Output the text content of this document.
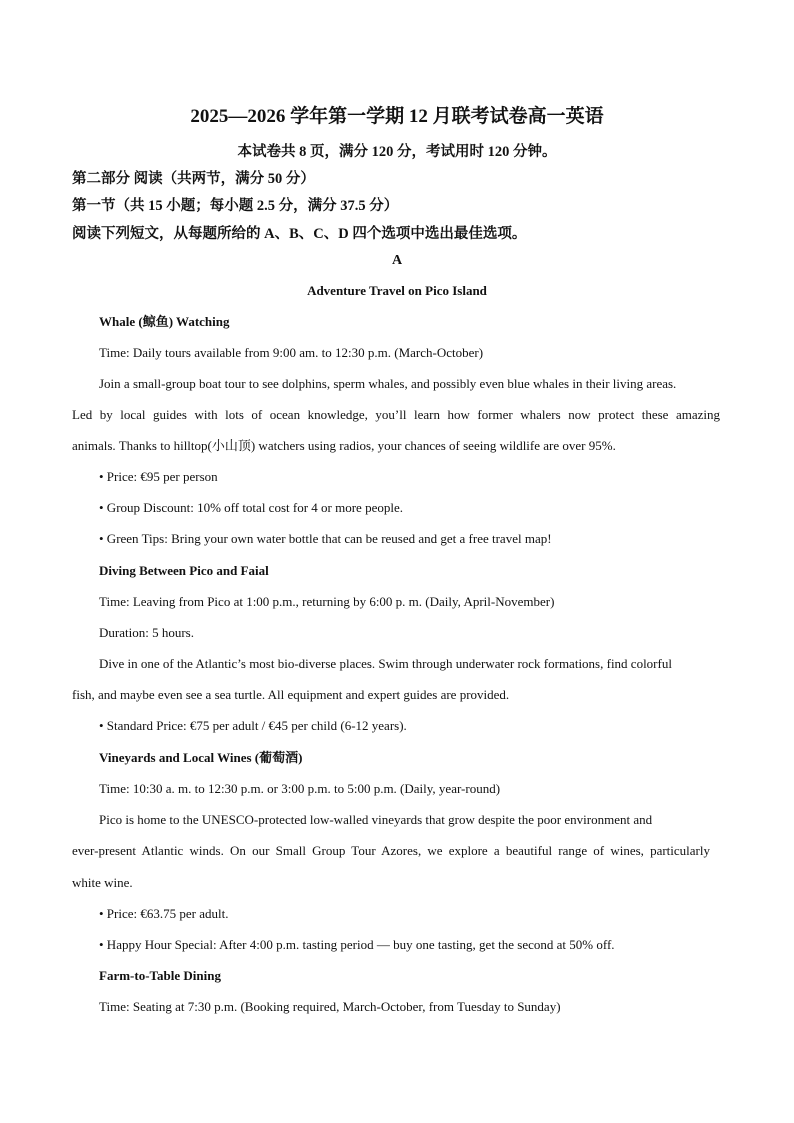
2025—2026 学年第一学期 12 月联考试卷高一英语
本试卷共 8 页，满分 120 分，考试用时 120 分钟。
第二部分 阅读（共两节，满分 50 分）
第一节（共 15 小题；每小题 2.5 分，满分 37.5 分）
阅读下列短文，从每题所给的 A、B、C、D 四个选项中选出最佳选项。
A
Adventure Travel on Pico Island
Whale (鲸鱼) Watching
Time: Daily tours available from 9:00 am. to 12:30 p.m. (March-October)
Join a small-group boat tour to see dolphins, sperm whales, and possibly even blue whales in their living areas.
Led by local guides with lots of ocean knowledge, you’ll learn how former whalers now protect these amazing
animals. Thanks to hilltop(小山顶) watchers using radios, your chances of seeing wildlife are over 95%.
• Price: €95 per person
• Group Discount: 10% off total cost for 4 or more people.
• Green Tips: Bring your own water bottle that can be reused and get a free travel map!
Diving Between Pico and Faial
Time: Leaving from Pico at 1:00 p.m., returning by 6:00 p. m. (Daily, April-November)
Duration: 5 hours.
Dive in one of the Atlantic’s most bio-diverse places. Swim through underwater rock formations, find colorful
fish, and maybe even see a sea turtle. All equipment and expert guides are provided.
• Standard Price: €75 per adult / €45 per child (6-12 years).
Vineyards and Local Wines (葡萄酒)
Time: 10:30 a. m. to 12:30 p.m. or 3:00 p.m. to 5:00 p.m. (Daily, year-round)
Pico is home to the UNESCO-protected low-walled vineyards that grow despite the poor environment and
ever-present Atlantic winds. On our Small Group Tour Azores, we explore a beautiful range of wines, particularly
white wine.
• Price: €63.75 per adult.
• Happy Hour Special: After 4:00 p.m. tasting period — buy one tasting, get the second at 50% off.
Farm-to-Table Dining
Time: Seating at 7:30 p.m. (Booking required, March-October, from Tuesday to Sunday)
